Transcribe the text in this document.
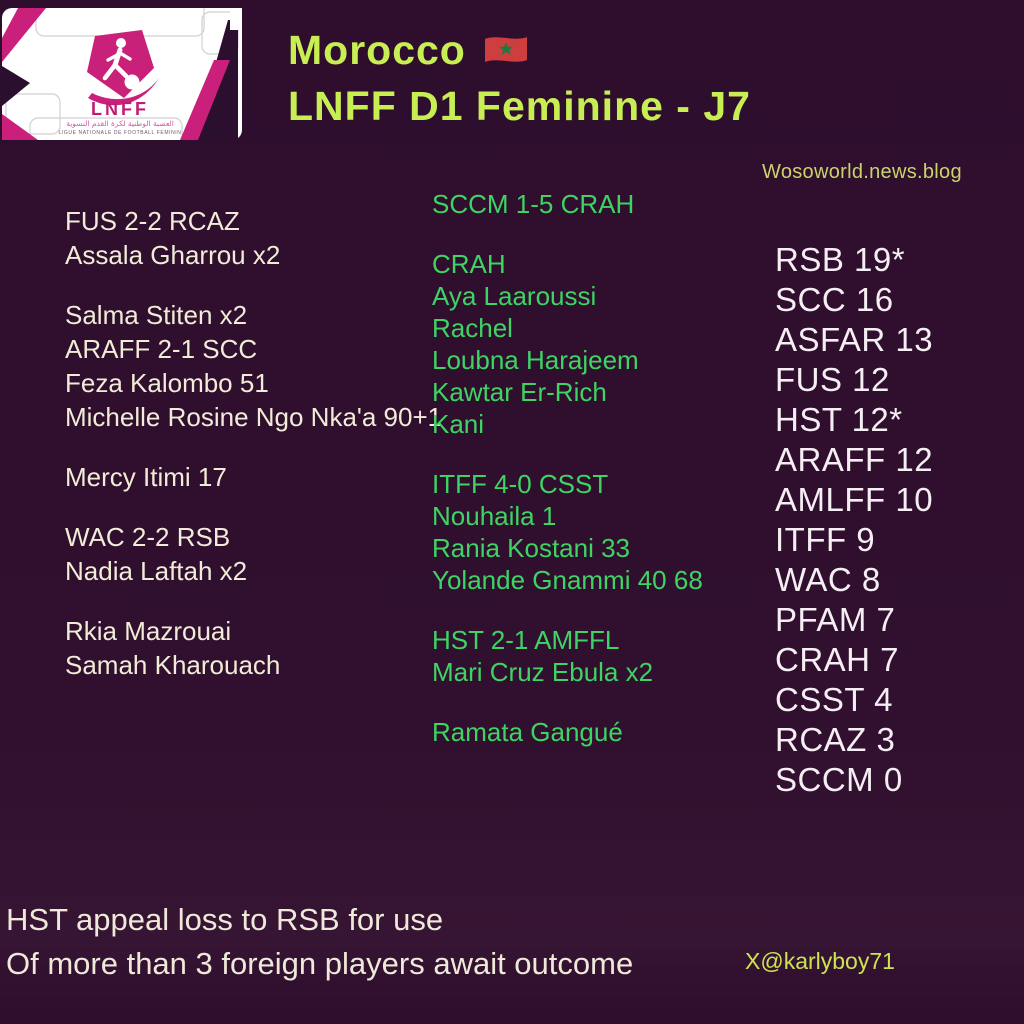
LNFF
العصبة الوطنية لكرة القدم النسوية
LIGUE NATIONALE DE FOOTBALL FEMININ
Morocco
LNFF D1 Feminine - J7
Wosoworld.news.blog
FUS 2-2 RCAZ
Assala Gharrou x2
Salma Stiten x2
ARAFF 2-1 SCC
Feza Kalombo 51
Michelle Rosine Ngo Nka'a 90+1
Mercy Itimi 17
WAC 2-2 RSB
Nadia Laftah x2
Rkia Mazrouai
Samah Kharouach
SCCM 1-5 CRAH
CRAH
Aya Laaroussi
Rachel
Loubna Harajeem
Kawtar Er-Rich
Kani
ITFF 4-0 CSST
Nouhaila 1
Rania Kostani 33
Yolande Gnammi 40 68
HST 2-1 AMFFL
Mari Cruz Ebula x2
Ramata Gangué
RSB 19*
SCC 16
ASFAR 13
FUS 12
HST 12*
ARAFF 12
AMLFF 10
ITFF 9
WAC 8
PFAM 7
CRAH 7
CSST 4
RCAZ 3
SCCM 0
HST appeal loss to RSB for use
Of more than 3 foreign players await outcome	X@karlyboy71
